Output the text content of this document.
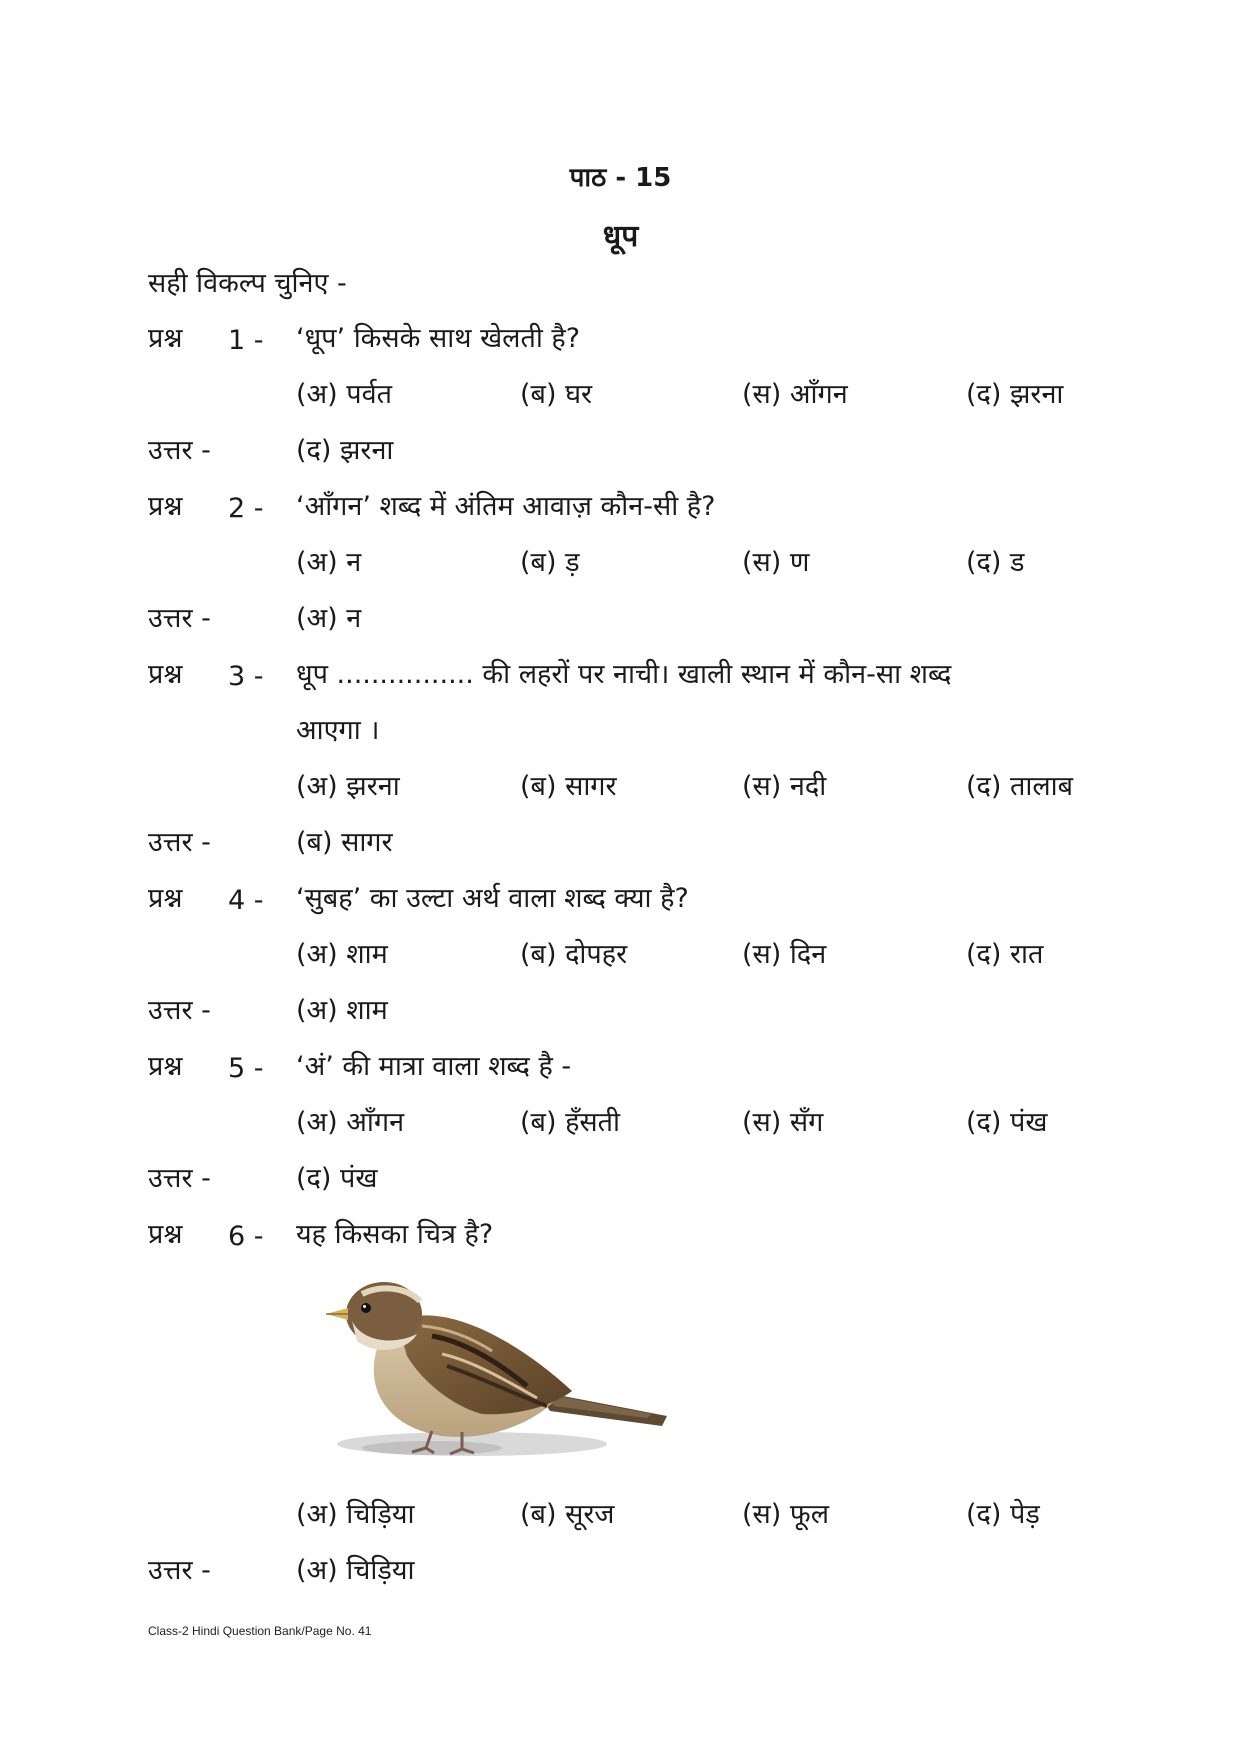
पाठ - 15
धूप
सही विकल्प चुनिए -
प्रश्न 1 - ‘धूप’ किसके साथ खेलती है?
(अ) पर्वत	(ब) घर	(स) आँगन	(द) झरना
उत्तर -	(द) झरना
प्रश्न 2 - ‘आँगन’ शब्द में अंतिम आवाज़ कौन-सी है?
(अ) न	(ब) ड़	(स) ण	(द) ड
उत्तर -	(अ) न
प्रश्न 3 - धूप ................ की लहरों पर नाची। खाली स्थान में कौन-सा शब्द
आएगा ।
(अ) झरना	(ब) सागर	(स) नदी	(द) तालाब
उत्तर -	(ब) सागर
प्रश्न 4 - ‘सुबह’ का उल्टा अर्थ वाला शब्द क्या है?
(अ) शाम	(ब) दोपहर	(स) दिन	(द) रात
उत्तर -	(अ) शाम
प्रश्न 5 - ‘अं’ की मात्रा वाला शब्द है -
(अ) आँगन	(ब) हँसती	(स) सँग	(द) पंख
उत्तर -	(द) पंख
प्रश्न 6 - यह किसका चित्र है?
(अ) चिड़िया	(ब) सूरज	(स) फूल	(द) पेड़
उत्तर -	(अ) चिड़िया
Class-2 Hindi Question Bank/Page No. 41
